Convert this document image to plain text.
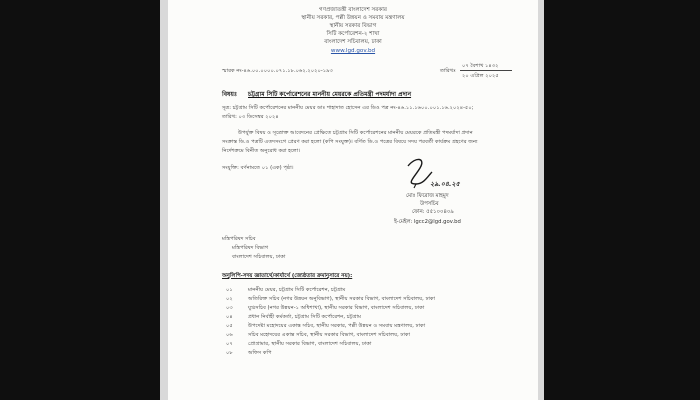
গণপ্রজাতন্ত্রী বাংলাদেশ সরকার
স্থানীয় সরকার, পল্লী উন্নয়ন ও সমবায় মন্ত্রণালয়
স্থানীয় সরকার বিভাগ
সিটি কর্পোরেশন-২ শাখা
বাংলাদেশ সচিবালয়, ঢাকা
www.lgd.gov.bd
স্মারক নং-৪৬.০০.০০০০.০৭১.১৮.০৬২.২০২০-১৯৩	তারিখঃ
০৭ বৈশাখ ১৪৩২
২০ এপ্রিল ২০২৫
বিষয়ঃ চট্টগ্রাম সিটি কর্পোরেশনের মাননীয় মেয়রকে প্রতিমন্ত্রী পদমর্যাদা প্রদান
সূত্র: চট্টগ্রাম সিটি কর্পোরেশনের মাননীয় মেয়র ডাঃ শাহাদাত হোসেন এর ডিও পত্র নং-৪৬.১১.১৬০০.০০১.১৬.২০২৪-৫০;
তারিখ: ০৩ ডিসেম্বর ২০২৪
উপর্যুক্ত বিষয় ও সূত্রোক্ত আবেদনের প্রেক্ষিতে চট্টগ্রাম সিটি কর্পোরেশনের মাননীয় মেয়রকে প্রতিমন্ত্রী পদমর্যাদা প্রদান
সংক্রান্ত ডি.ও পত্রটি এতদসংগে প্রেরণ করা হলো (কপি সংযুক্ত)। বর্ণিত ডি.ও পত্রের বিষয়ে সদয় পরবর্তী কার্যক্রম গ্রহণের জন্য
নির্দেশক্রমে বিনীত অনুরোধ করা হলো।
সংযুক্তি: বর্ণনামতে ০১ (এক) পৃষ্ঠা।
২৯.০৪.২৫
মোঃ ফিরোজ মাহমুদ
উপসচিব
ফোন: ৫৫১০০৪০৯
ই-মেইল: lgcc2@lgd.gov.bd
মন্ত্রিপরিষদ সচিব
মন্ত্রিপরিষদ বিভাগ
বাংলাদেশ সচিবালয়, ঢাকা
অনুলিপি-সদয় জ্ঞাতার্থে/কার্যার্থে (জ্যেষ্ঠতার ক্রমানুসারে নয়):
০১	মাননীয় মেয়র, চট্টগ্রাম সিটি কর্পোরেশন, চট্টগ্রাম
০২	অতিরিক্ত সচিব (নগর উন্নয়ন অনুবিভাগ), স্থানীয় সরকার বিভাগ, বাংলাদেশ সচিবালয়, ঢাকা
০৩	যুগ্মসচিব (নগর উন্নয়ন-১ অধিশাখা), স্থানীয় সরকার বিভাগ, বাংলাদেশ সচিবালয়, ঢাকা
০৪	প্রধান নির্বাহী কর্মকর্তা, চট্টগ্রাম সিটি কর্পোরেশন, চট্টগ্রাম
০৫	উপদেষ্টা মহোদয়ের একান্ত সচিব, স্থানীয় সরকার, পল্লী উন্নয়ন ও সমবায় মন্ত্রণালয়, ঢাকা
০৬	সচিব মহোদয়ের একান্ত সচিব, স্থানীয় সরকার বিভাগ, বাংলাদেশ সচিবালয়, ঢাকা
০৭	প্রোগ্রামার, স্থানীয় সরকার বিভাগ, বাংলাদেশ সচিবালয়, ঢাকা
০৮	অফিস কপি
